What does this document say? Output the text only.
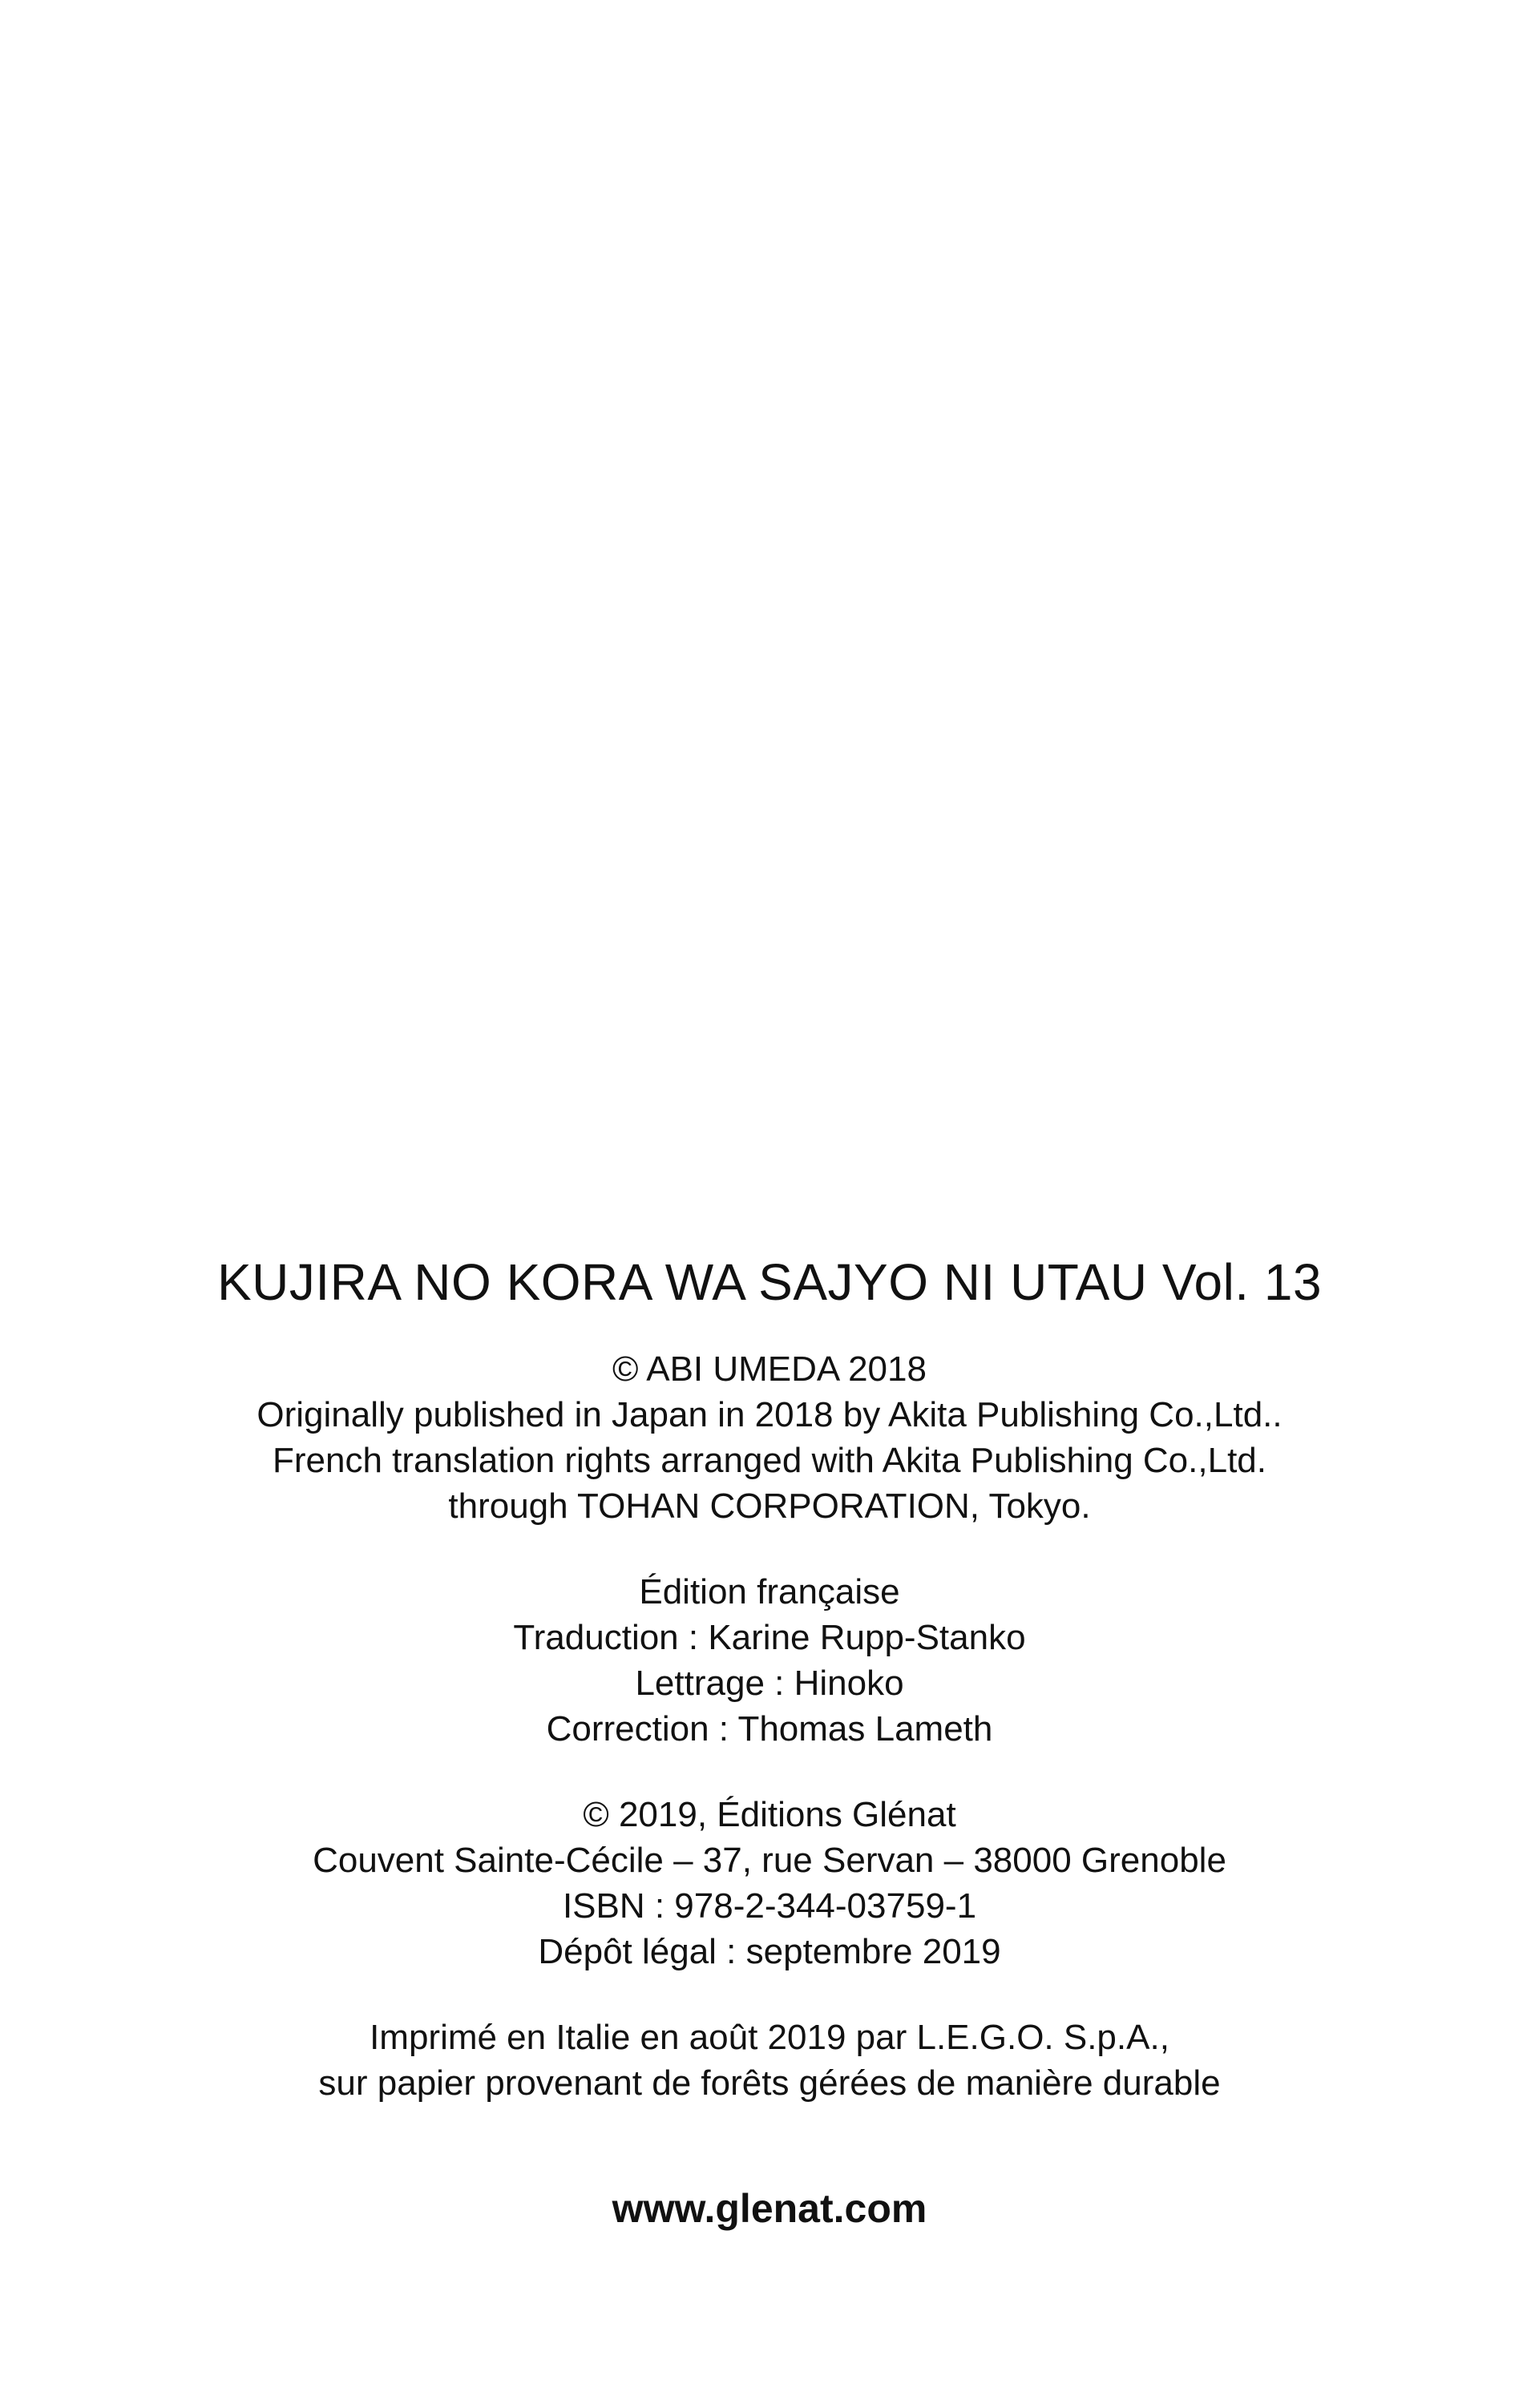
KUJIRA NO KORA WA SAJYO NI UTAU Vol. 13

© ABI UMEDA 2018
Originally published in Japan in 2018 by Akita Publishing Co.,Ltd..
French translation rights arranged with Akita Publishing Co.,Ltd.
through TOHAN CORPORATION, Tokyo.

Édition française
Traduction : Karine Rupp-Stanko
Lettrage : Hinoko
Correction : Thomas Lameth

© 2019, Éditions Glénat
Couvent Sainte-Cécile – 37, rue Servan – 38000 Grenoble
ISBN : 978-2-344-03759-1
Dépôt légal : septembre 2019

Imprimé en Italie en août 2019 par L.E.G.O. S.p.A.,
sur papier provenant de forêts gérées de manière durable

www.glenat.com
